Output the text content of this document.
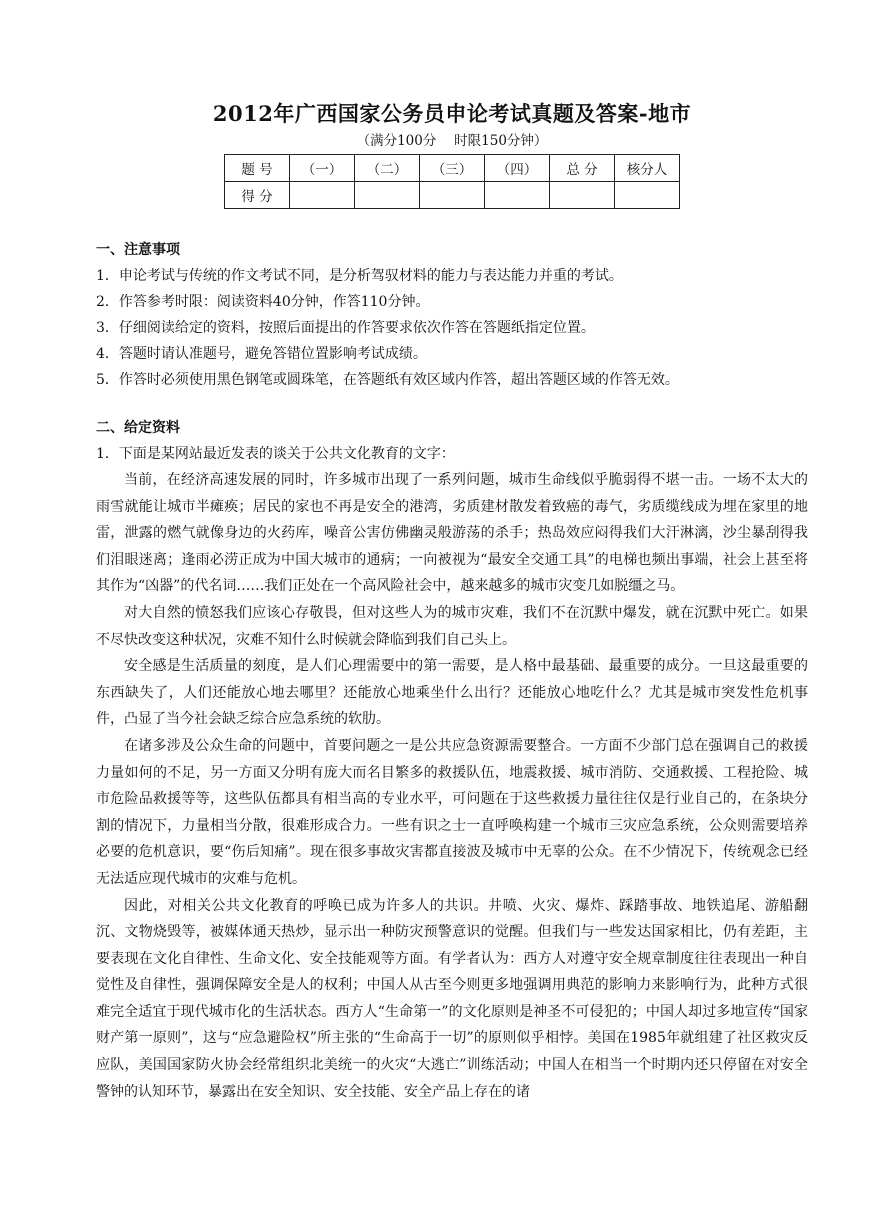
2012年广西国家公务员申论考试真题及答案-地市
（满分100分　 时限150分钟）
题 号	（一）	（二）	（三）	（四）	总 分	核分人
得 分						
一、注意事项

1．申论考试与传统的作文考试不同，是分析驾驭材料的能力与表达能力并重的考试。

2．作答参考时限：阅读资料40分钟，作答110分钟。

3．仔细阅读给定的资料，按照后面提出的作答要求依次作答在答题纸指定位置。

4．答题时请认准题号，避免答错位置影响考试成绩。

5．作答时必须使用黑色钢笔或圆珠笔，在答题纸有效区域内作答，超出答题区域的作答无效。

二、给定资料

1．下面是某网站最近发表的谈关于公共文化教育的文字：

当前，在经济高速发展的同时，许多城市出现了一系列问题，城市生命线似乎脆弱得不堪一击。一场不太大的雨雪就能让城市半瘫痪；居民的家也不再是安全的港湾，劣质建材散发着致癌的毒气，劣质缆线成为埋在家里的地雷，泄露的燃气就像身边的火药库，噪音公害仿佛幽灵般游荡的杀手；热岛效应闷得我们大汗淋漓，沙尘暴刮得我们泪眼迷离；逢雨必涝正成为中国大城市的通病；一向被视为“最安全交通工具”的电梯也频出事端，社会上甚至将其作为“凶器”的代名词……我们正处在一个高风险社会中，越来越多的城市灾变几如脱缰之马。

对大自然的愤怒我们应该心存敬畏，但对这些人为的城市灾难，我们不在沉默中爆发，就在沉默中死亡。如果不尽快改变这种状况，灾难不知什么时候就会降临到我们自己头上。

安全感是生活质量的刻度，是人们心理需要中的第一需要，是人格中最基础、最重要的成分。一旦这最重要的东西缺失了，人们还能放心地去哪里？还能放心地乘坐什么出行？还能放心地吃什么？尤其是城市突发性危机事件，凸显了当今社会缺乏综合应急系统的软肋。

在诸多涉及公众生命的问题中，首要问题之一是公共应急资源需要整合。一方面不少部门总在强调自己的救援力量如何的不足，另一方面又分明有庞大而名目繁多的救援队伍，地震救援、城市消防、交通救援、工程抢险、城市危险品救援等等，这些队伍都具有相当高的专业水平，可问题在于这些救援力量往往仅是行业自己的，在条块分割的情况下，力量相当分散，很难形成合力。一些有识之士一直呼唤构建一个城市三灾应急系统，公众则需要培养必要的危机意识，要“伤后知痛”。现在很多事故灾害都直接波及城市中无辜的公众。在不少情况下，传统观念已经无法适应现代城市的灾难与危机。

因此，对相关公共文化教育的呼唤已成为许多人的共识。井喷、火灾、爆炸、踩踏事故、地铁追尾、游船翻沉、文物烧毁等，被媒体通天热炒，显示出一种防灾预警意识的觉醒。但我们与一些发达国家相比，仍有差距，主要表现在文化自律性、生命文化、安全技能观等方面。有学者认为：西方人对遵守安全规章制度往往表现出一种自觉性及自律性，强调保障安全是人的权利；中国人从古至今则更多地强调用典范的影响力来影响行为，此种方式很难完全适宜于现代城市化的生活状态。西方人“生命第一”的文化原则是神圣不可侵犯的；中国人却过多地宣传“国家财产第一原则”，这与“应急避险权”所主张的“生命高于一切”的原则似乎相悖。美国在1985年就组建了社区救灾反应队，美国国家防火协会经常组织北美统一的火灾“大逃亡”训练活动；中国人在相当一个时期内还只停留在对安全警钟的认知环节，暴露出在安全知识、安全技能、安全产品上存在的诸
